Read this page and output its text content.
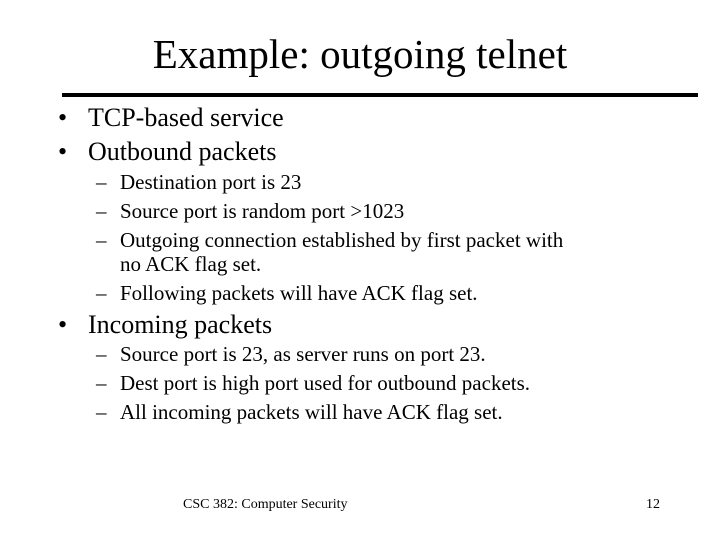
Example: outgoing telnet
• TCP-based service
• Outbound packets
– Destination port is 23
– Source port is random port >1023
– Outgoing connection established by first packet with
no ACK flag set.
– Following packets will have ACK flag set.
• Incoming packets
– Source port is 23, as server runs on port 23.
– Dest port is high port used for outbound packets.
– All incoming packets will have ACK flag set.
CSC 382: Computer Security	12
